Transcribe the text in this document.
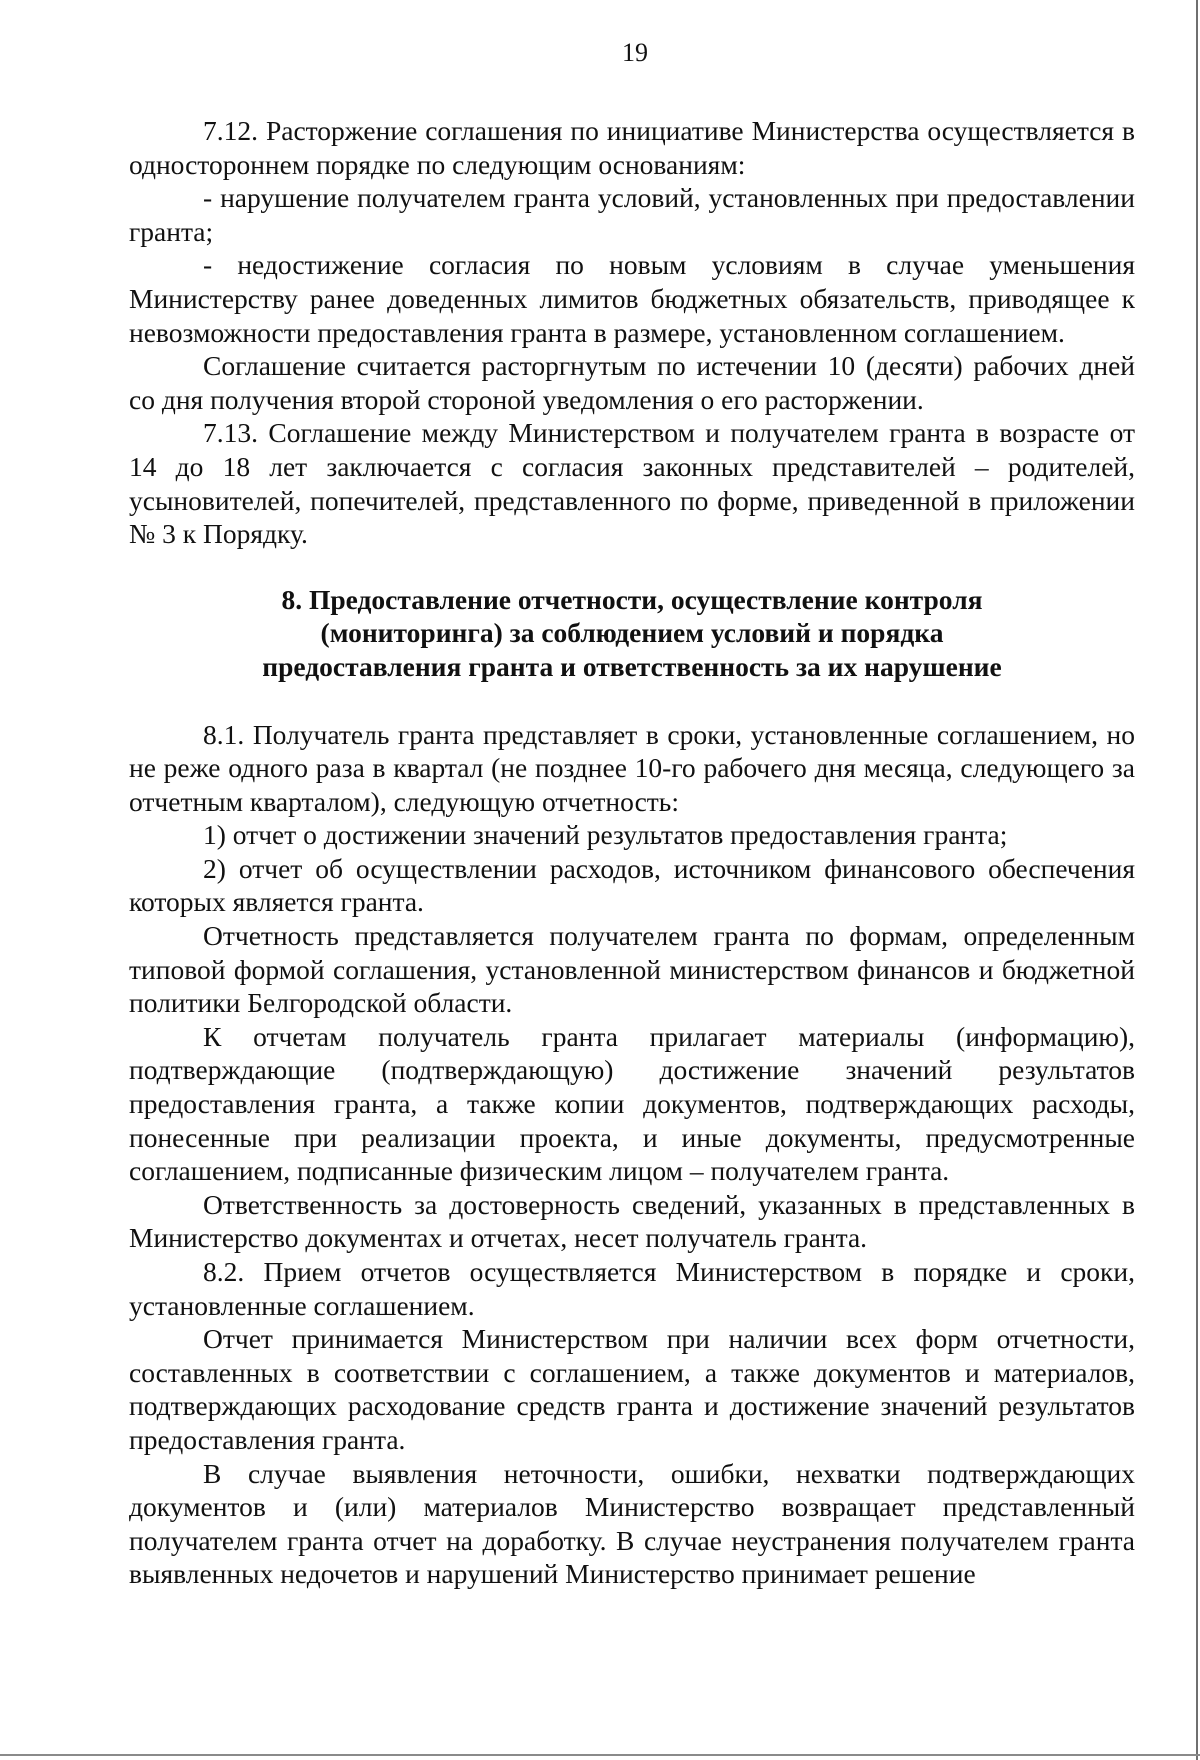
19

7.12. Расторжение соглашения по инициативе Министерства осуществляется в одностороннем порядке по следующим основаниям:

- нарушение получателем гранта условий, установленных при предоставлении гранта;

- недостижение согласия по новым условиям в случае уменьшения Министерству ранее доведенных лимитов бюджетных обязательств, приводящее к невозможности предоставления гранта в размере, установленном соглашением.

Соглашение считается расторгнутым по истечении 10 (десяти) рабочих дней со дня получения второй стороной уведомления о его расторжении.

7.13. Соглашение между Министерством и получателем гранта в возрасте от 14 до 18 лет заключается с согласия законных представителей – родителей, усыновителей, попечителей, представленного по форме, приведенной в приложении № 3 к Порядку.

8. Предоставление отчетности, осуществление контроля
(мониторинга) за соблюдением условий и порядка
предоставления гранта и ответственность за их нарушение

8.1. Получатель гранта представляет в сроки, установленные соглашением, но не реже одного раза в квартал (не позднее 10-го рабочего дня месяца, следующего за отчетным кварталом), следующую отчетность:

1) отчет о достижении значений результатов предоставления гранта;

2) отчет об осуществлении расходов, источником финансового обеспечения которых является гранта.

Отчетность представляется получателем гранта по формам, определенным типовой формой соглашения, установленной министерством финансов и бюджетной политики Белгородской области.

К отчетам получатель гранта прилагает материалы (информацию), подтверждающие (подтверждающую) достижение значений результатов предоставления гранта, а также копии документов, подтверждающих расходы, понесенные при реализации проекта, и иные документы, предусмотренные соглашением, подписанные физическим лицом – получателем гранта.

Ответственность за достоверность сведений, указанных в представленных в Министерство документах и отчетах, несет получатель гранта.

8.2. Прием отчетов осуществляется Министерством в порядке и сроки, установленные соглашением.

Отчет принимается Министерством при наличии всех форм отчетности, составленных в соответствии с соглашением, а также документов и материалов, подтверждающих расходование средств гранта и достижение значений результатов предоставления гранта.

В случае выявления неточности, ошибки, нехватки подтверждающих документов и (или) материалов Министерство возвращает представленный получателем гранта отчет на доработку. В случае неустранения получателем гранта выявленных недочетов и нарушений Министерство принимает решение
